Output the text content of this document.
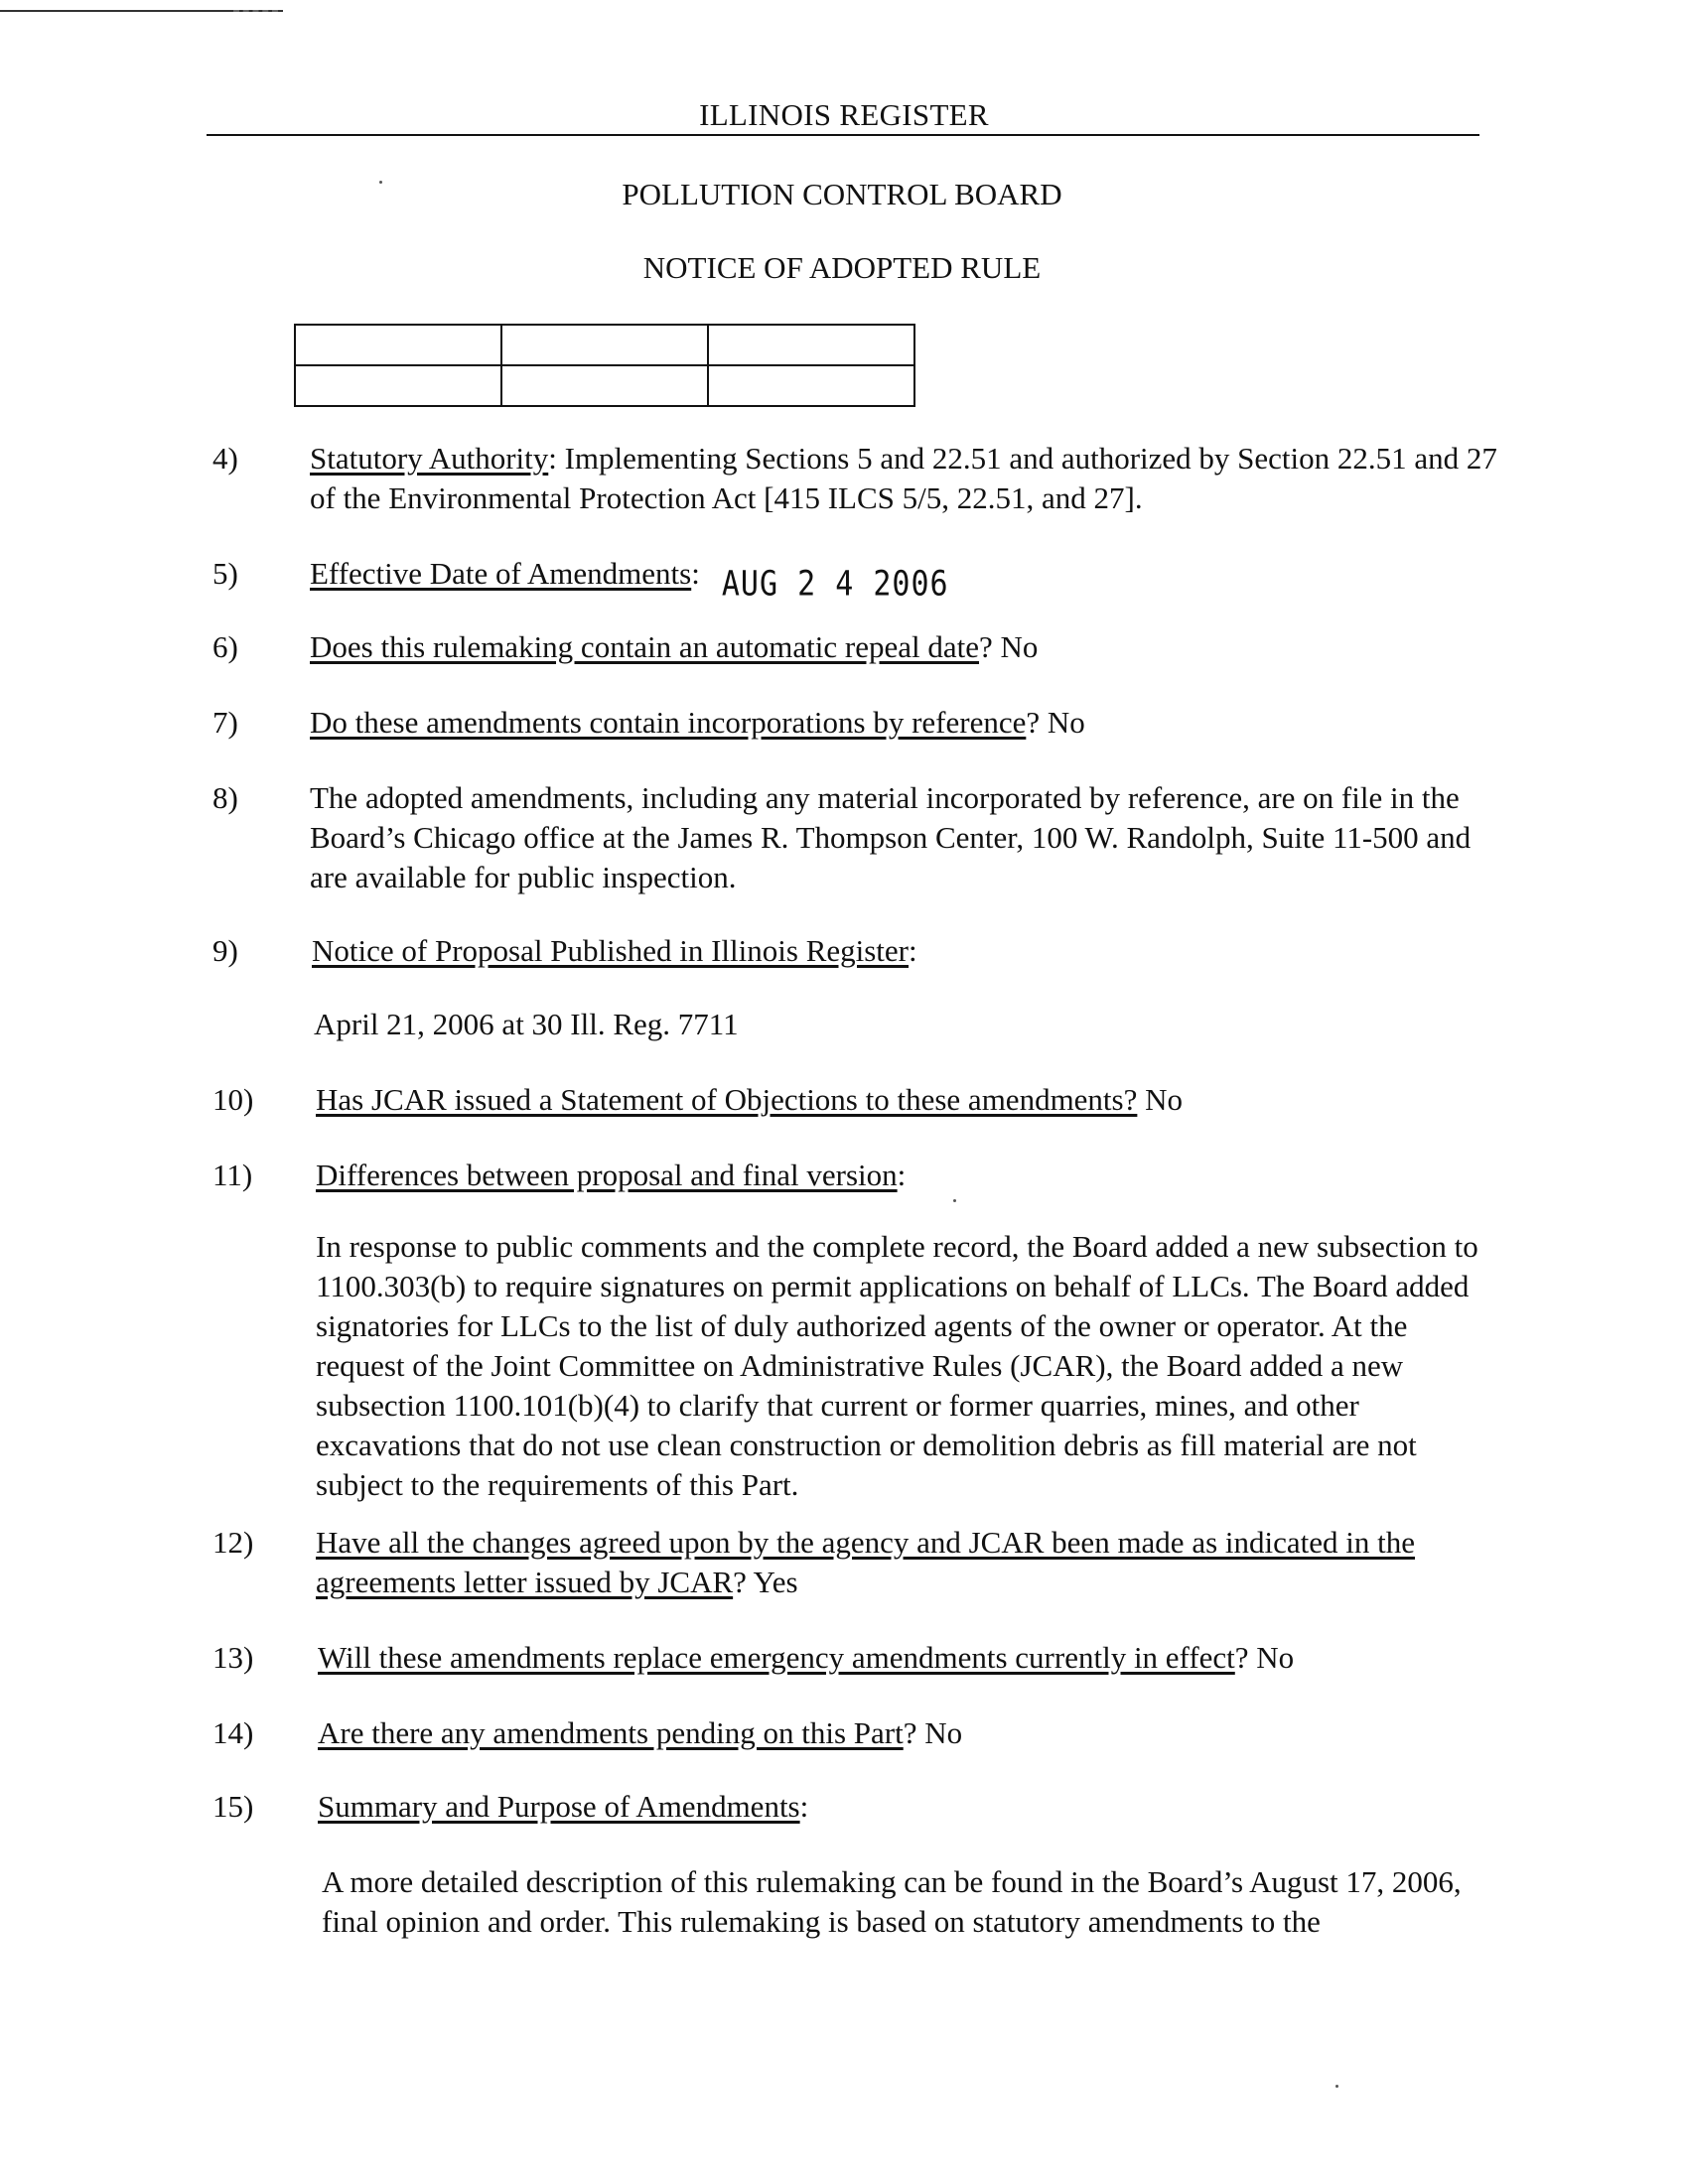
ILLINOIS REGISTER
POLLUTION CONTROL BOARD
NOTICE OF ADOPTED RULE

4) Statutory Authority: Implementing Sections 5 and 22.51 and authorized by Section 22.51 and 27 of the Environmental Protection Act [415 ILCS 5/5, 22.51, and 27].
5) Effective Date of Amendments: AUG 2 4 2006
6) Does this rulemaking contain an automatic repeal date? No
7) Do these amendments contain incorporations by reference? No
8) The adopted amendments, including any material incorporated by reference, are on file in the Board’s Chicago office at the James R. Thompson Center, 100 W. Randolph, Suite 11-500 and are available for public inspection.
9) Notice of Proposal Published in Illinois Register:
April 21, 2006 at 30 Ill. Reg. 7711
10) Has JCAR issued a Statement of Objections to these amendments? No
11) Differences between proposal and final version:
In response to public comments and the complete record, the Board added a new subsection to 1100.303(b) to require signatures on permit applications on behalf of LLCs. The Board added signatories for LLCs to the list of duly authorized agents of the owner or operator. At the request of the Joint Committee on Administrative Rules (JCAR), the Board added a new subsection 1100.101(b)(4) to clarify that current or former quarries, mines, and other excavations that do not use clean construction or demolition debris as fill material are not subject to the requirements of this Part.
12) Have all the changes agreed upon by the agency and JCAR been made as indicated in the agreements letter issued by JCAR? Yes
13) Will these amendments replace emergency amendments currently in effect? No
14) Are there any amendments pending on this Part? No
15) Summary and Purpose of Amendments:
A more detailed description of this rulemaking can be found in the Board’s August 17, 2006, final opinion and order. This rulemaking is based on statutory amendments to the
